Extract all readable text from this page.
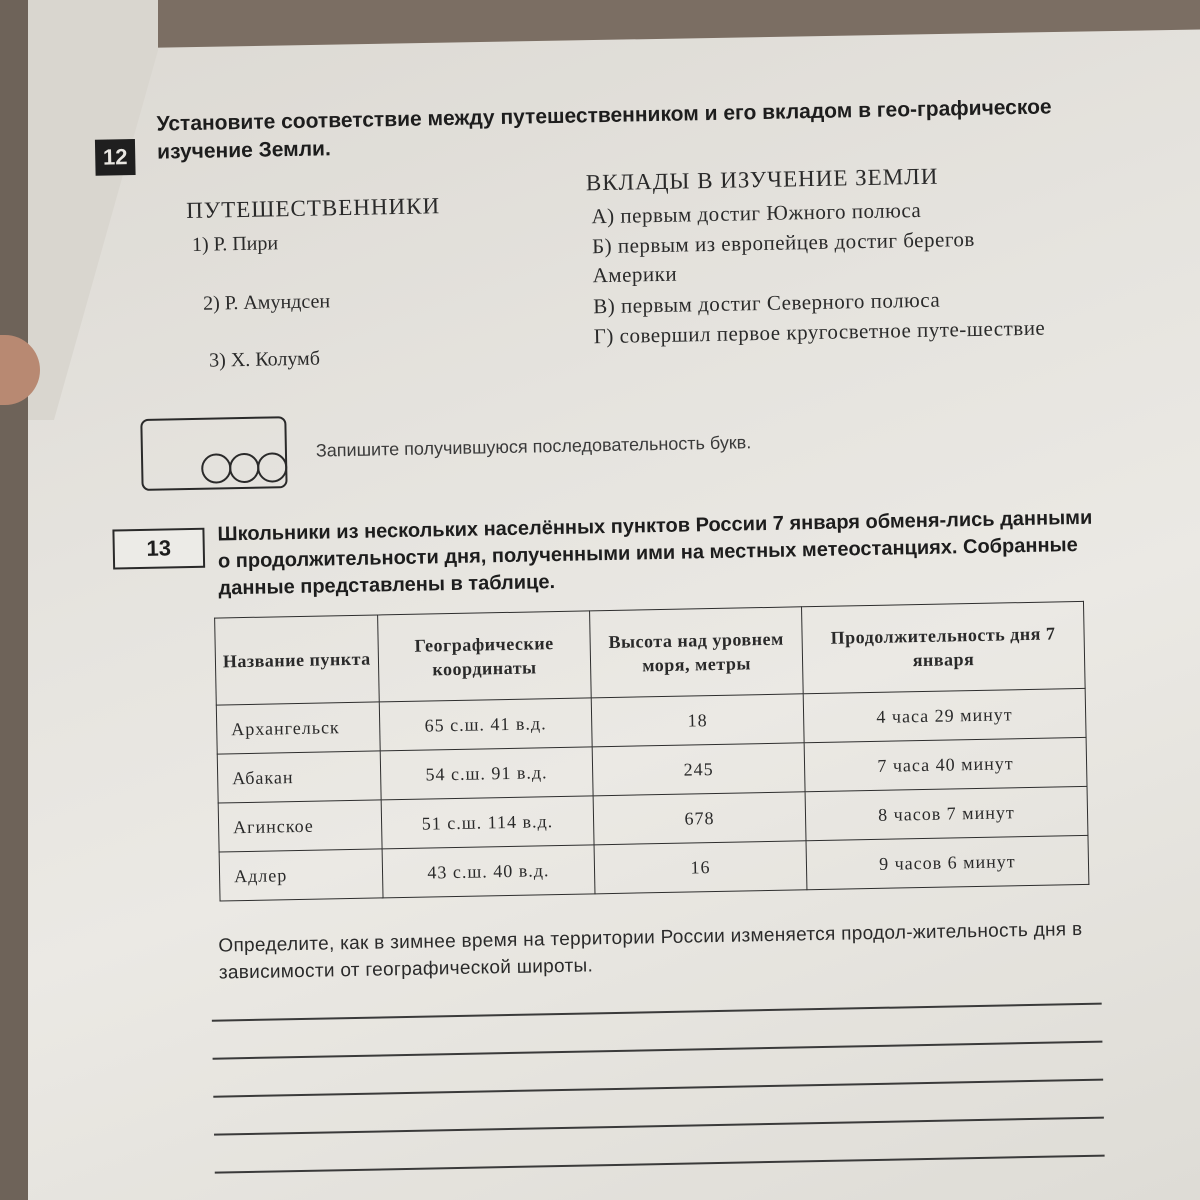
12
Установите соответствие между путешественником и его вкладом в гео-графическое изучение Земли.
ПУТЕШЕСТВЕННИКИ
ВКЛАДЫ В ИЗУЧЕНИЕ ЗЕМЛИ
1) Р. Пири
2) Р. Амундсен
3) Х. Колумб
А) первым достиг Южного полюса
Б) первым из европейцев достиг берегов Америки
В) первым достиг Северного полюса
Г) совершил первое кругосветное путе-шествие
Запишите получившуюся последовательность букв.
13
Школьники из нескольких населённых пунктов России 7 января обменя-лись данными о продолжительности дня, полученными ими на местных метеостанциях. Собранные данные представлены в таблице.
Название пункта	Географические координаты	Высота над уровнем моря, метры	Продолжительность дня 7 января
Архангельск	65 с.ш. 41 в.д.	18	4 часа 29 минут
Абакан	54 с.ш. 91 в.д.	245	7 часа 40 минут
Агинское	51 с.ш. 114 в.д.	678	8 часов 7 минут
Адлер	43 с.ш. 40 в.д.	16	9 часов 6 минут
Определите, как в зимнее время на территории России изменяется продол-жительность дня в зависимости от географической широты.
